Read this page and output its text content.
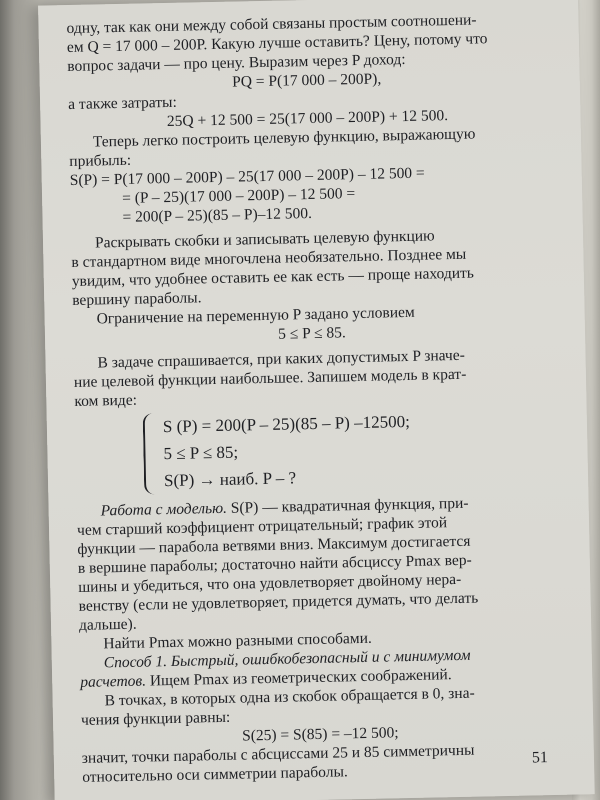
одну, так как они между собой связаны простым соотношени-

ем Q = 17 000 – 200P. Какую лучше оставить? Цену, потому что

вопрос задачи — про цену. Выразим через P доход:

PQ = P(17 000 – 200P),

а также затраты:

25Q + 12 500 = 25(17 000 – 200P) + 12 500.

Теперь легко построить целевую функцию, выражающую

прибыль:

S(P) = P(17 000 – 200P) – 25(17 000 – 200P) – 12 500 =

= (P – 25)(17 000 – 200P) – 12 500 =

= 200(P – 25)(85 – P)–12 500.

Раскрывать скобки и записывать целевую функцию

в стандартном виде многочлена необязательно. Позднее мы

увидим, что удобнее оставить ее как есть — проще находить

вершину параболы.

Ограничение на переменную P задано условием

5 ≤ P ≤ 85.

В задаче спрашивается, при каких допустимых P значе-

ние целевой функции наибольшее. Запишем модель в крат-

ком виде:

S (P) = 200(P – 25)(85 – P) –12500;
5 ≤ P ≤ 85;
S(P) → наиб. P – ?

Работа с моделью. S(P) — квадратичная функция, при-

чем старший коэффициент отрицательный; график этой

функции — парабола ветвями вниз. Максимум достигается

в вершине параболы; достаточно найти абсциссу Pmax вер-

шины и убедиться, что она удовлетворяет двойному нера-

венству (если не удовлетворяет, придется думать, что делать

дальше).

Найти Pmax можно разными способами.

Способ 1. Быстрый, ошибкобезопасный и с минимумом

расчетов. Ищем Pmax из геометрических соображений.

В точках, в которых одна из скобок обращается в 0, зна-

чения функции равны:

S(25) = S(85) = –12 500;

значит, точки параболы с абсциссами 25 и 85 симметричны

относительно оси симметрии параболы.

51
